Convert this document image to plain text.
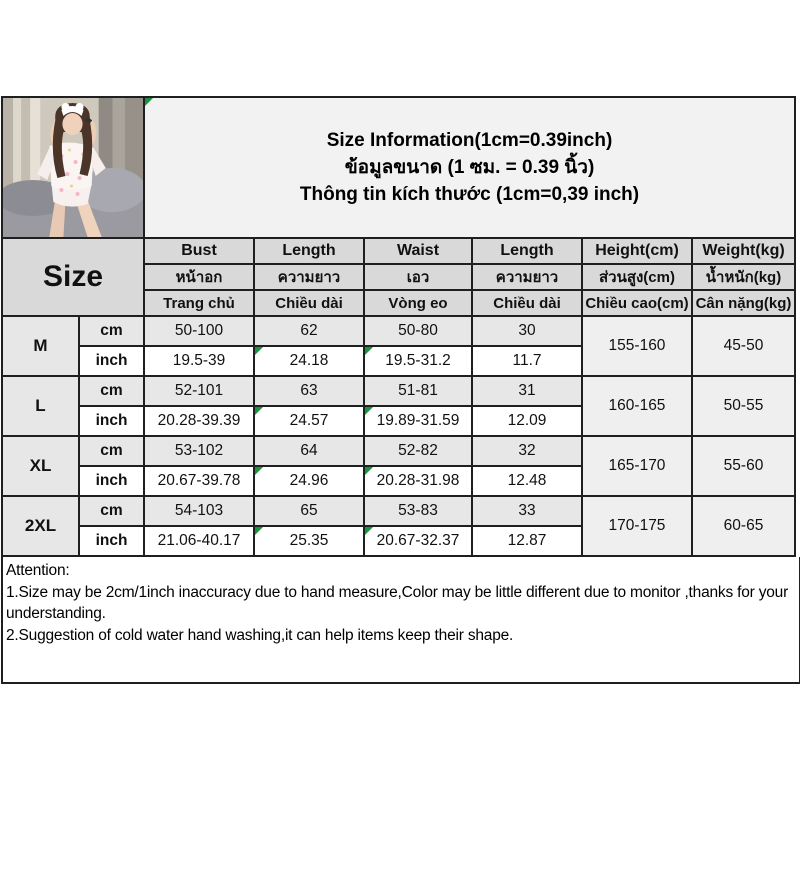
Size Information(1cm=0.39inch)
ข้อมูลขนาด (1 ซม. = 0.39 นิ้ว)
Thông tin kích thước (1cm=0,39 inch)					

Size		Bust	Length	Waist	Length	Height(cm)	Weight(kg)
		หน้าอก	ความยาว	เอว	ความยาว	ส่วนสูง(cm)	น้ำหนัก(kg)
		Trang chủ	Chiều dài	Vòng eo	Chiều dài	Chiều cao(cm)	Cân nặng(kg)
M	cm	50-100	62	50-80	30	155-160	45-50
	inch	19.5-39	24.18	19.5-31.2	11.7		
L	cm	52-101	63	51-81	31	160-165	50-55
	inch	20.28-39.39	24.57	19.89-31.59	12.09		
XL	cm	53-102	64	52-82	32	165-170	55-60
	inch	20.67-39.78	24.96	20.28-31.98	12.48		
2XL	cm	54-103	65	53-83	33	170-175	60-65
	inch	21.06-40.17	25.35	20.67-32.37	12.87		
Attention:
1.Size may be 2cm/1inch inaccuracy due to hand measure,Color may be little different due to monitor ,thanks for your understanding.
2.Suggestion of cold water hand washing,it can help items keep their shape.
